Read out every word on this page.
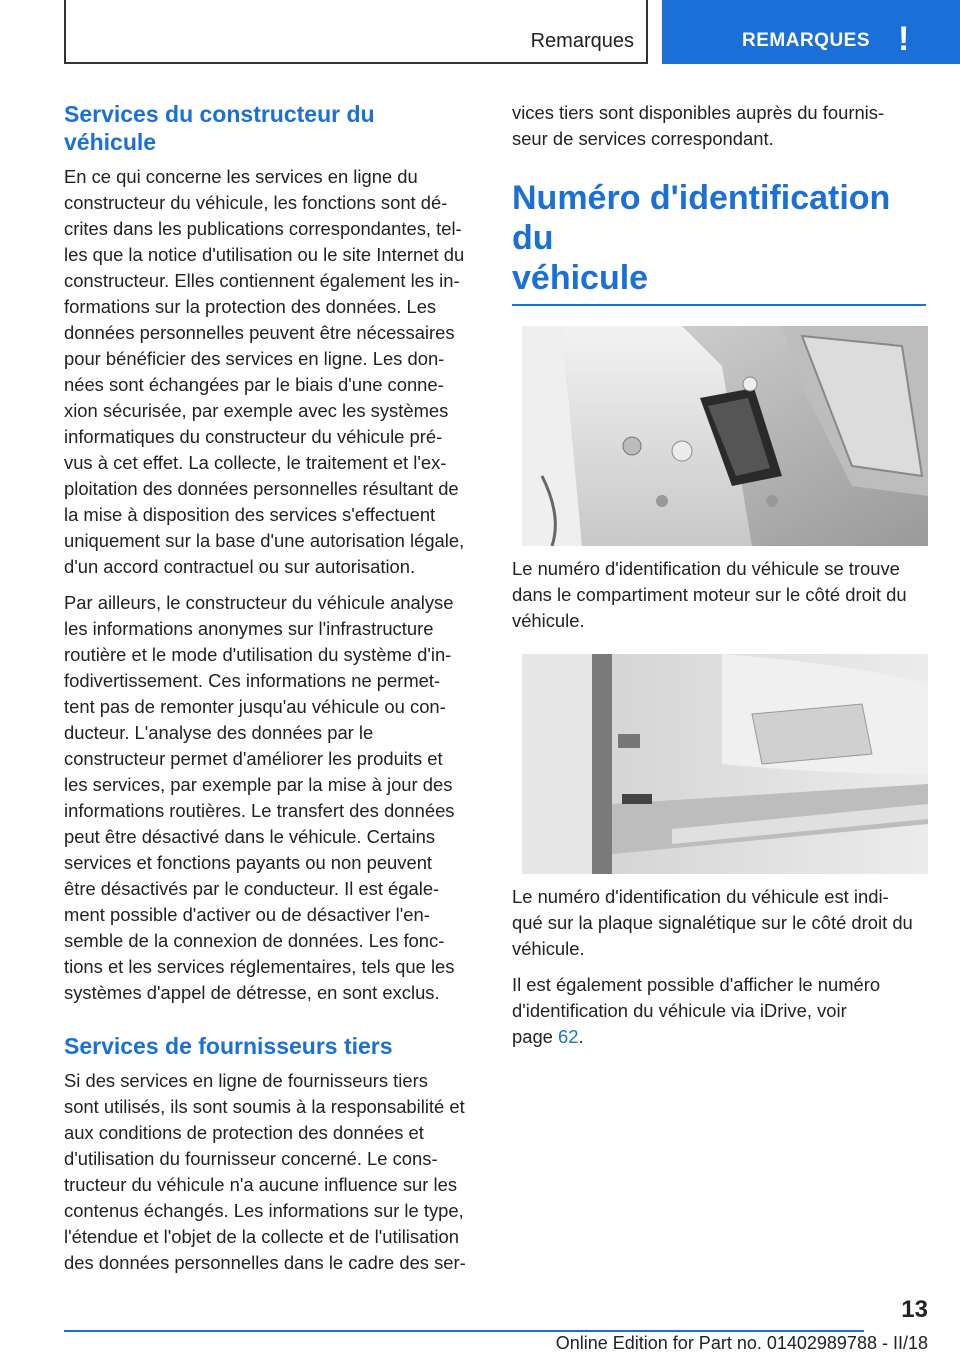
Remarques	REMARQUES !
Services du constructeur du
véhicule

En ce qui concerne les services en ligne du
constructeur du véhicule, les fonctions sont dé-
crites dans les publications correspondantes, tel-
les que la notice d'utilisation ou le site Internet du
constructeur. Elles contiennent également les in-
formations sur la protection des données. Les
données personnelles peuvent être nécessaires
pour bénéficier des services en ligne. Les don-
nées sont échangées par le biais d'une conne-
xion sécurisée, par exemple avec les systèmes
informatiques du constructeur du véhicule pré-
vus à cet effet. La collecte, le traitement et l'ex-
ploitation des données personnelles résultant de
la mise à disposition des services s'effectuent
uniquement sur la base d'une autorisation légale,
d'un accord contractuel ou sur autorisation.

Par ailleurs, le constructeur du véhicule analyse
les informations anonymes sur l'infrastructure
routière et le mode d'utilisation du système d'in-
fodivertissement. Ces informations ne permet-
tent pas de remonter jusqu'au véhicule ou con-
ducteur. L'analyse des données par le
constructeur permet d'améliorer les produits et
les services, par exemple par la mise à jour des
informations routières. Le transfert des données
peut être désactivé dans le véhicule. Certains
services et fonctions payants ou non peuvent
être désactivés par le conducteur. Il est égale-
ment possible d'activer ou de désactiver l'en-
semble de la connexion de données. Les fonc-
tions et les services réglementaires, tels que les
systèmes d'appel de détresse, en sont exclus.

Services de fournisseurs tiers

Si des services en ligne de fournisseurs tiers
sont utilisés, ils sont soumis à la responsabilité et
aux conditions de protection des données et
d'utilisation du fournisseur concerné. Le cons-
tructeur du véhicule n'a aucune influence sur les
contenus échangés. Les informations sur le type,
l'étendue et l'objet de la collecte et de l'utilisation
des données personnelles dans le cadre des ser-

vices tiers sont disponibles auprès du fournis-
seur de services correspondant.

Numéro d'identification du
véhicule

Le numéro d'identification du véhicule se trouve
dans le compartiment moteur sur le côté droit du
véhicule.

Le numéro d'identification du véhicule est indi-
qué sur la plaque signalétique sur le côté droit du
véhicule.

Il est également possible d'afficher le numéro
d'identification du véhicule via iDrive, voir
page 62.

13
Online Edition for Part no. 01402989788 - II/18
